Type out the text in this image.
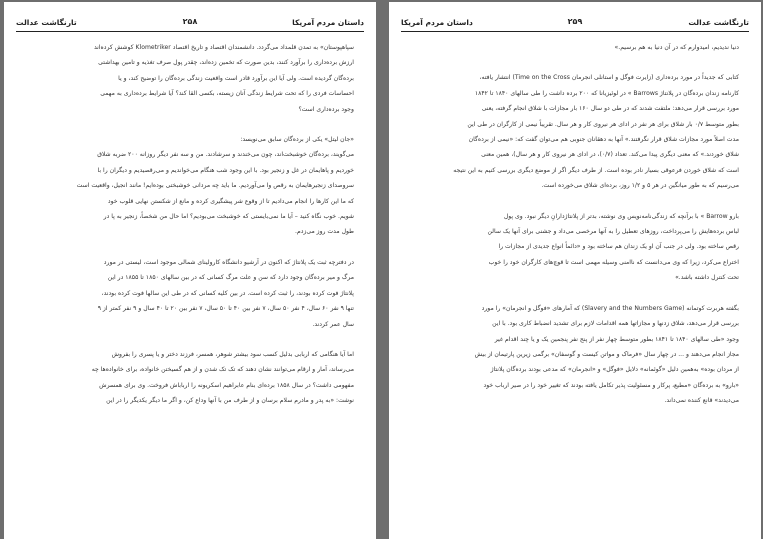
تارنگاشت عدالت	۲۵۸	داستان مردم آمریکا
سپاهپوستان» به تمدن قلمداد می‌گردد. دانشمندان اقتصاد و تاریخ اقتصاد Klometriker کوشش کرده‌اند
ارزش برده‌داری را برآورد کنند، بدین صورت که تخمین زده‌اند، چقدر پول صرف تغذیه و تامین بهداشتی
برده‌گان گردیده است. ولی آیا این برآورد قادر است واقعیت زندگی برده‌گان را توضیح کند، و یا
احساسات فردی را که تحت شرایط زندگی آنان زیسته، بکسی القا کند؟ آیا شرایط برده‌داری به مهمی
وجود برده‌داری است؟
«جان لیتل» یکی از برده‌گان سابق می‌نویسد:
می‌گویند، برده‌گان خوشبخت‌اند، چون می‌خندند و سرشادند. من و سه نفر دیگر روزانه ۲۰۰ ضربه شلاق
خوردیم و پاهایمان در غل و زنجیر بود. با این وجود شب هنگام می‌خواندیم و می‌رقصیدیم و دیگران را با
سروصدای زنجیرهایمان به رقص وا می‌آوردیم. ما باید چه مردانی خوشبختی بوده‌ایم! مانند انجیل، واقعیت است
که ما این کارها را انجام می‌دادیم تا از وقوع شر پیشگیری کرده و مانع از شکستن نهایی قلوب خود
شویم. خوب نگاه کنید – آیا ما نمی‌بایستی که خوشبخت می‌بودیم؟ اما حال من شخصاً، زنجیر به پا در
طول مدت روز می‌زدم.
در دفترچه ثبت یک پلانتاژ که اکنون در آرشیو دانشگاه کارولینای شمالی موجود است، لیستی در مورد
مرگ و میر برده‌گان وجود دارد که سن و علت مرگ کسانی که در بین سالهای ۱۸۵۰ تا ۱۸۵۵ در این
پلانتاژ فوت کرده بودند، را ثبت کرده است. در بین کلیه کسانی که در طی این سالها فوت کرده بودند،
تنها ۹ نفر ۶۰ سال، ۴ نفر ۵۰ سال، ۷ نفر بین ۴۰ تا ۵۰ سال، ۷ نفر بین ۲۰ تا ۴۰ سال و ۹ نفر کمتر از ۹
سال عمر کردند.
اما آیا هنگامی که اربابی بدلیل کسب سود بیشتر شوهر، همسر، فرزند دختر و یا پسری را بفروش
می‌رساند، آمار و ارقام می‌توانند نشان دهند که تک تک شدن و از هم گسیختن خانواده، برای خانواده‌ها چه
مفهومی داشت؟ در سال ۱۸۵۸ برده‌ای بنام عابراهیم اسکریونه را ارباباش فروخت. وی برای همسرش
نوشت: «به پدر و مادرم سلام برسان و از طرف من با آنها وداع کن، و اگر ما دیگر یکدیگر را در این
داستان مردم آمریکا	۲۵۹	تارنگاشت عدالت
دنیا ندیدیم، امیدوارم که در آن دنیا به هم برسیم.»
کتابی که جدیداً در مورد برده‌داری (زایرت فوگل و استانلی انجرمان Time on the Cross) انتشار یافته،
کارنامه زندان برده‌گان در پلانتاژ Barrows » در لوئیزیانا که ۲۰۰ برده داشت را طی سالهای ۱۸۴۰ تا ۱۸۴۲
مورد بررسی قرار می‌دهد: ملتفت شدند که در طی دو سال ۱۶۰ بار مجازات با شلاق انجام گرفته، یعنی
بطور متوسط ۰/۷ بار شلاق برای هر نفر در ادای هر نیروی کار و هر سال. تقریباً نیمی از کارگران در طی این
مدت اصلاً مورد مجازات شلاق قرار نگرفتند.» آنها به دهقانان جنوبی هم می‌توان گفت که: «نیمی از برده‌گان
شلاق خوردند.» که معنی دیگری پیدا می‌کند. تعداد (۰/۷)، در ادای هر نیروی کار و هر سال)، همین معنی
است که شلاق خوردن فرعوقی بسیار نادر بوده است. از طرف دیگر اگر از موضع دیگری بررسی کنیم به این نتیجه
می‌رسیم که به طور میانگین در هر ۵ و ۱/۲ روز، برده‌ای شلاق می‌خورده است.
بارو Barrow » با برآنچه که زندگی‌نامه‌نویس وی نوشته، بدتر از پلانتاژدارانِ دیگر نبود. وی پول
لباس برده‌هایش را می‌پرداخت، روزهای تعطیل را به آنها مرخصی می‌داد و جشنی برای آنها یک سالن
رقص ساخته بود. ولی در جنب آن او یک زندان هم ساخته بود و «دائماً انواع جدیدی از مجازات را
اختراع می‌کرد، زیرا که وی می‌دانست که ناامنی وسیله مهمی است تا قوچ‌های کارگران خود را خوب
تحت کنترل داشته باشد.»
بگفته هربرت کوتمانه (Slavery and the Numbers Game) که آمارهای «فوگل و انجرمان» را مورد
بررسی قرار می‌دهد، شلاق زدنها و مجازاتها همه اقدامات لازم برای تشدید انضباط کاری بود. با این
وجود «طی سالهای ۱۸۴۰ تا ۱۸۴۱ بطور متوسط چهار نفر از پنج نفر پنجمین یک و یا چند اقدام غیر
مجاز انجام می‌دهند و ... در چهار سال «فرماک و مواتن کیست و گوسفان» برگمی زیرین پارتیمان از بیش
از مردان بوده» به‌همین دلیل «گوئمانه» دلایل «فوگل» و «انجرمان» که مدعی بودند برده‌گان پلانتاژ
«بارو» به برده‌گان «مطیع، پرکار و مسئولیت پذیر تکامل یافته بودند که تغییر خود را در صیر ارباب خود
می‌دیدند» قانع کننده نمی‌داند.
